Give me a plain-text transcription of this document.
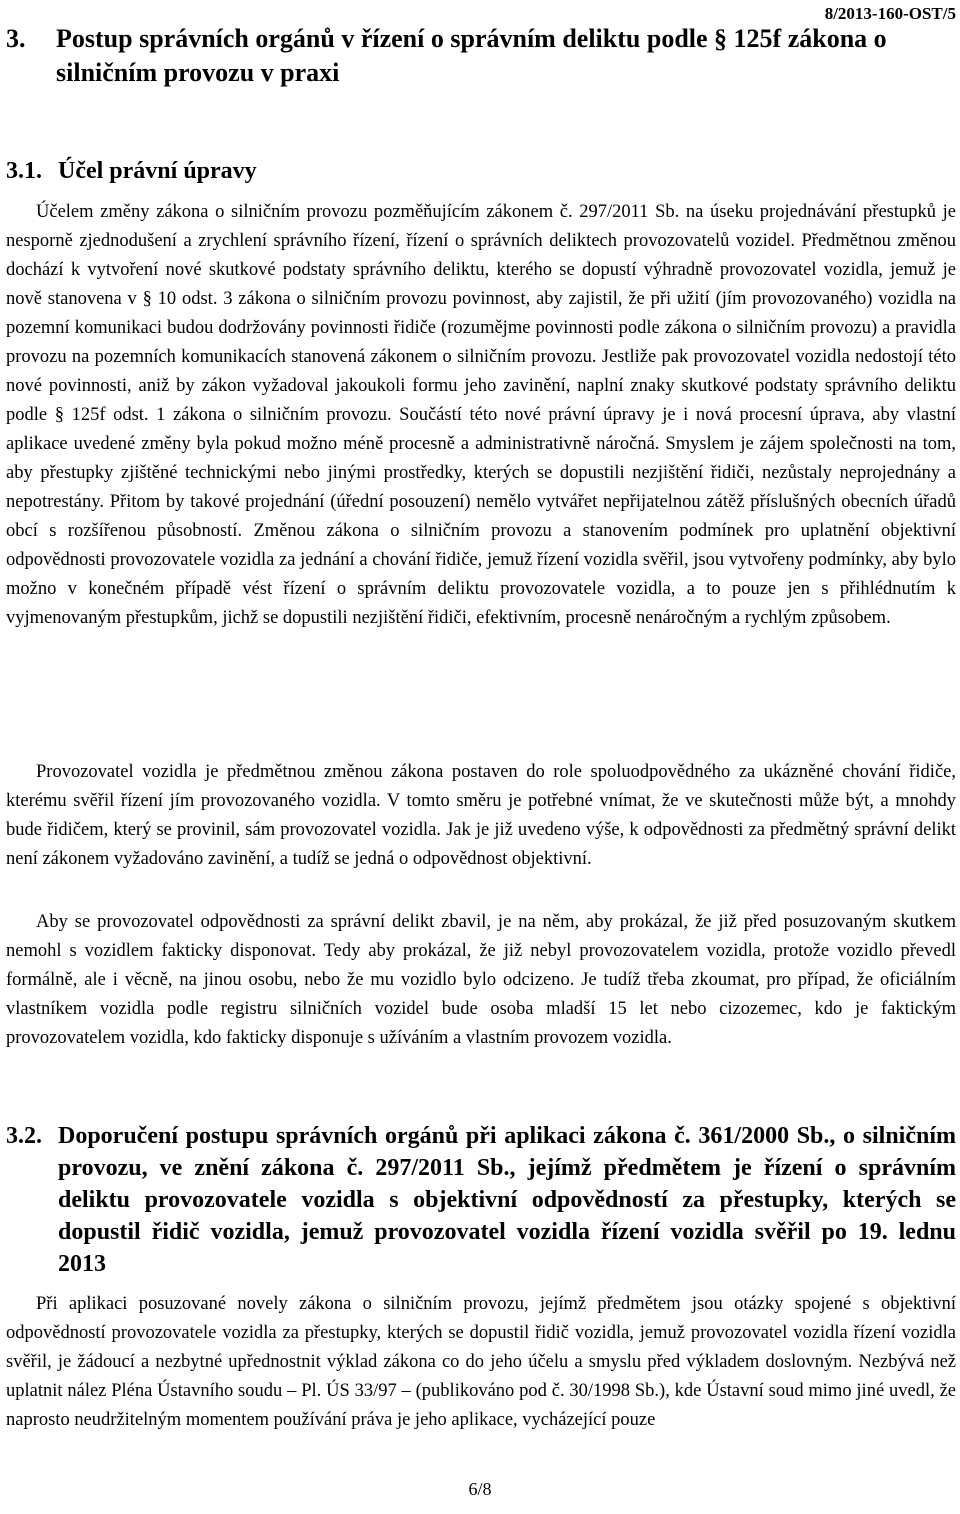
8/2013-160-OST/5
3.	Postup správních orgánů v řízení o správním deliktu podle § 125f zákona o silničním provozu v praxi
3.1. Účel právní úpravy

Účelem změny zákona o silničním provozu pozměňujícím zákonem č. 297/2011 Sb. na úseku projednávání přestupků je nesporně zjednodušení a zrychlení správního řízení, řízení o správních deliktech provozovatelů vozidel. Předmětnou změnou dochází k vytvoření nové skutkové podstaty správního deliktu, kterého se dopustí výhradně provozovatel vozidla, jemuž je nově stanovena v § 10 odst. 3 zákona o silničním provozu povinnost, aby zajistil, že při užití (jím provozovaného) vozidla na pozemní komunikaci budou dodržovány povinnosti řidiče (rozumějme povinnosti podle zákona o silničním provozu) a pravidla provozu na pozemních komunikacích stanovená zákonem o silničním provozu. Jestliže pak provozovatel vozidla nedostojí této nové povinnosti, aniž by zákon vyžadoval jakoukoli formu jeho zavinění, naplní znaky skutkové podstaty správního deliktu podle § 125f odst. 1 zákona o silničním provozu. Součástí této nové právní úpravy je i nová procesní úprava, aby vlastní aplikace uvedené změny byla pokud možno méně procesně a administrativně náročná. Smyslem je zájem společnosti na tom, aby přestupky zjištěné technickými nebo jinými prostředky, kterých se dopustili nezjištění řidiči, nezůstaly neprojednány a nepotrestány. Přitom by takové projednání (úřední posouzení) nemělo vytvářet nepřijatelnou zátěž příslušných obecních úřadů obcí s rozšířenou působností. Změnou zákona o silničním provozu a stanovením podmínek pro uplatnění objektivní odpovědnosti provozovatele vozidla za jednání a chování řidiče, jemuž řízení vozidla svěřil, jsou vytvořeny podmínky, aby bylo možno v konečném případě vést řízení o správním deliktu provozovatele vozidla, a to pouze jen s přihlédnutím k vyjmenovaným přestupkům, jichž se dopustili nezjištění řidiči, efektivním, procesně nenáročným a rychlým způsobem.

Provozovatel vozidla je předmětnou změnou zákona postaven do role spoluodpovědného za ukázněné chování řidiče, kterému svěřil řízení jím provozovaného vozidla. V tomto směru je potřebné vnímat, že ve skutečnosti může být, a mnohdy bude řidičem, který se provinil, sám provozovatel vozidla. Jak je již uvedeno výše, k odpovědnosti za předmětný správní delikt není zákonem vyžadováno zavinění, a tudíž se jedná o odpovědnost objektivní.

Aby se provozovatel odpovědnosti za správní delikt zbavil, je na něm, aby prokázal, že již před posuzovaným skutkem nemohl s vozidlem fakticky disponovat. Tedy aby prokázal, že již nebyl provozovatelem vozidla, protože vozidlo převedl formálně, ale i věcně, na jinou osobu, nebo že mu vozidlo bylo odcizeno. Je tudíž třeba zkoumat, pro případ, že oficiálním vlastníkem vozidla podle registru silničních vozidel bude osoba mladší 15 let nebo cizozemec, kdo je faktickým provozovatelem vozidla, kdo fakticky disponuje s užíváním a vlastním provozem vozidla.

3.2. Doporučení postupu správních orgánů při aplikaci zákona č. 361/2000 Sb., o silničním provozu, ve znění zákona č. 297/2011 Sb., jejímž předmětem je řízení o správním deliktu provozovatele vozidla s objektivní odpovědností za přestupky, kterých se dopustil řidič vozidla, jemuž provozovatel vozidla řízení vozidla svěřil po 19. lednu 2013

Při aplikaci posuzované novely zákona o silničním provozu, jejímž předmětem jsou otázky spojené s objektivní odpovědností provozovatele vozidla za přestupky, kterých se dopustil řidič vozidla, jemuž provozovatel vozidla řízení vozidla svěřil, je žádoucí a nezbytné upřednostnit výklad zákona co do jeho účelu a smyslu před výkladem doslovným. Nezbývá než uplatnit nález Pléna Ústavního soudu – Pl. ÚS 33/97 – (publikováno pod č. 30/1998 Sb.), kde Ústavní soud mimo jiné uvedl, že naprosto neudržitelným momentem používání práva je jeho aplikace, vycházející pouze

6/8
